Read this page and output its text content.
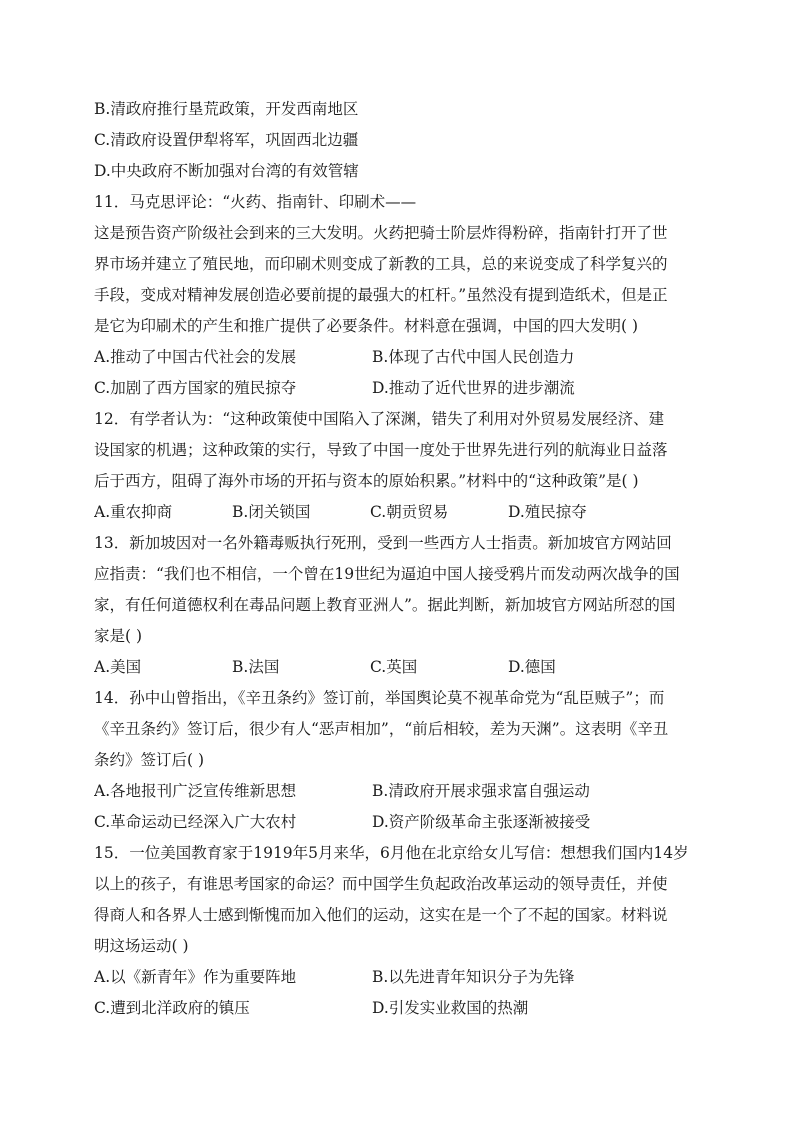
B.清政府推行垦荒政策，开发西南地区
C.清政府设置伊犁将军，巩固西北边疆
D.中央政府不断加强对台湾的有效管辖
11．马克思评论：“火药、指南针、印刷术——
这是预告资产阶级社会到来的三大发明。火药把骑士阶层炸得粉碎，指南针打开了世
界市场并建立了殖民地，而印刷术则变成了新教的工具，总的来说变成了科学复兴的
手段，变成对精神发展创造必要前提的最强大的杠杆。”虽然没有提到造纸术，但是正
是它为印刷术的产生和推广提供了必要条件。材料意在强调，中国的四大发明( )
A.推动了中国古代社会的发展	B.体现了古代中国人民创造力
C.加剧了西方国家的殖民掠夺	D.推动了近代世界的进步潮流
12．有学者认为：“这种政策使中国陷入了深渊，错失了利用对外贸易发展经济、建
设国家的机遇；这种政策的实行，导致了中国一度处于世界先进行列的航海业日益落
后于西方，阻碍了海外市场的开拓与资本的原始积累。”材料中的“这种政策”是( )
A.重农抑商	B.闭关锁国	C.朝贡贸易	D.殖民掠夺
13．新加坡因对一名外籍毒贩执行死刑，受到一些西方人士指责。新加坡官方网站回
应指责：“我们也不相信，一个曾在19世纪为逼迫中国人接受鸦片而发动两次战争的国
家，有任何道德权利在毒品问题上教育亚洲人”。据此判断，新加坡官方网站所怼的国
家是( )
A.美国	B.法国	C.英国	D.德国
14．孙中山曾指出，《辛丑条约》签订前，举国舆论莫不视革命党为“乱臣贼子”；而
《辛丑条约》签订后，很少有人“恶声相加”，“前后相较，差为天渊”。这表明《辛丑
条约》签订后( )
A.各地报刊广泛宣传维新思想	B.清政府开展求强求富自强运动
C.革命运动已经深入广大农村	D.资产阶级革命主张逐渐被接受
15．一位美国教育家于1919年5月来华，6月他在北京给女儿写信：想想我们国内14岁
以上的孩子，有谁思考国家的命运？而中国学生负起政治改革运动的领导责任，并使
得商人和各界人士感到惭愧而加入他们的运动，这实在是一个了不起的国家。材料说
明这场运动( )
A.以《新青年》作为重要阵地	B.以先进青年知识分子为先锋
C.遭到北洋政府的镇压	D.引发实业救国的热潮
